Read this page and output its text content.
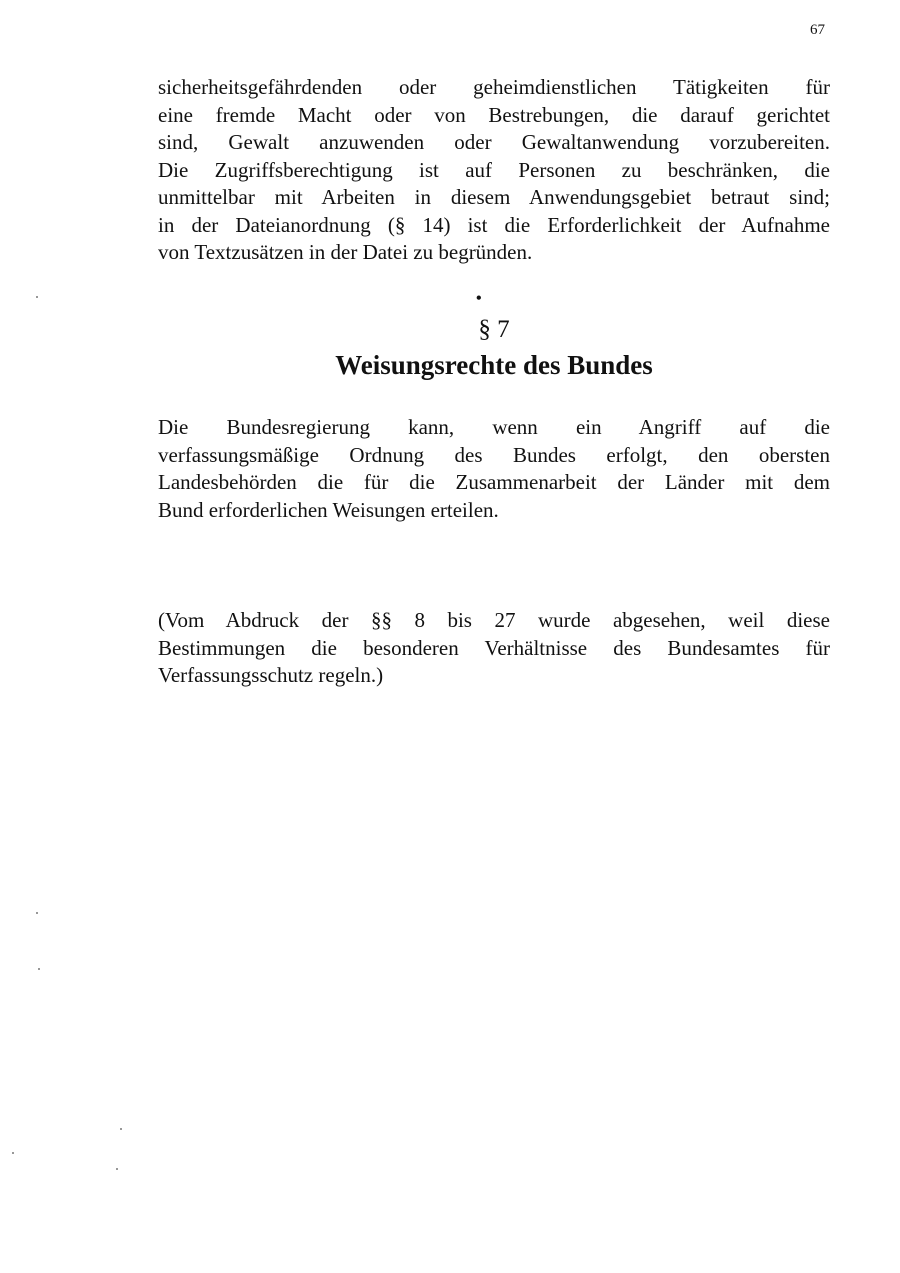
67
sicherheitsgefährdenden oder geheimdienstlichen Tätigkeiten für
eine fremde Macht oder von Bestrebungen, die darauf gerichtet
sind, Gewalt anzuwenden oder Gewaltanwendung vorzubereiten.
Die Zugriffsberechtigung ist auf Personen zu beschränken, die
unmittelbar mit Arbeiten in diesem Anwendungsgebiet betraut sind;
in der Dateianordnung (§ 14) ist die Erforderlichkeit der Aufnahme
von Textzusätzen in der Datei zu begründen.
•
§ 7
Weisungsrechte des Bundes
Die Bundesregierung kann, wenn ein Angriff auf die
verfassungsmäßige Ordnung des Bundes erfolgt, den obersten
Landesbehörden die für die Zusammenarbeit der Länder mit dem
Bund erforderlichen Weisungen erteilen.
(Vom Abdruck der §§ 8 bis 27 wurde abgesehen, weil diese
Bestimmungen die besonderen Verhältnisse des Bundesamtes für
Verfassungsschutz regeln.)
